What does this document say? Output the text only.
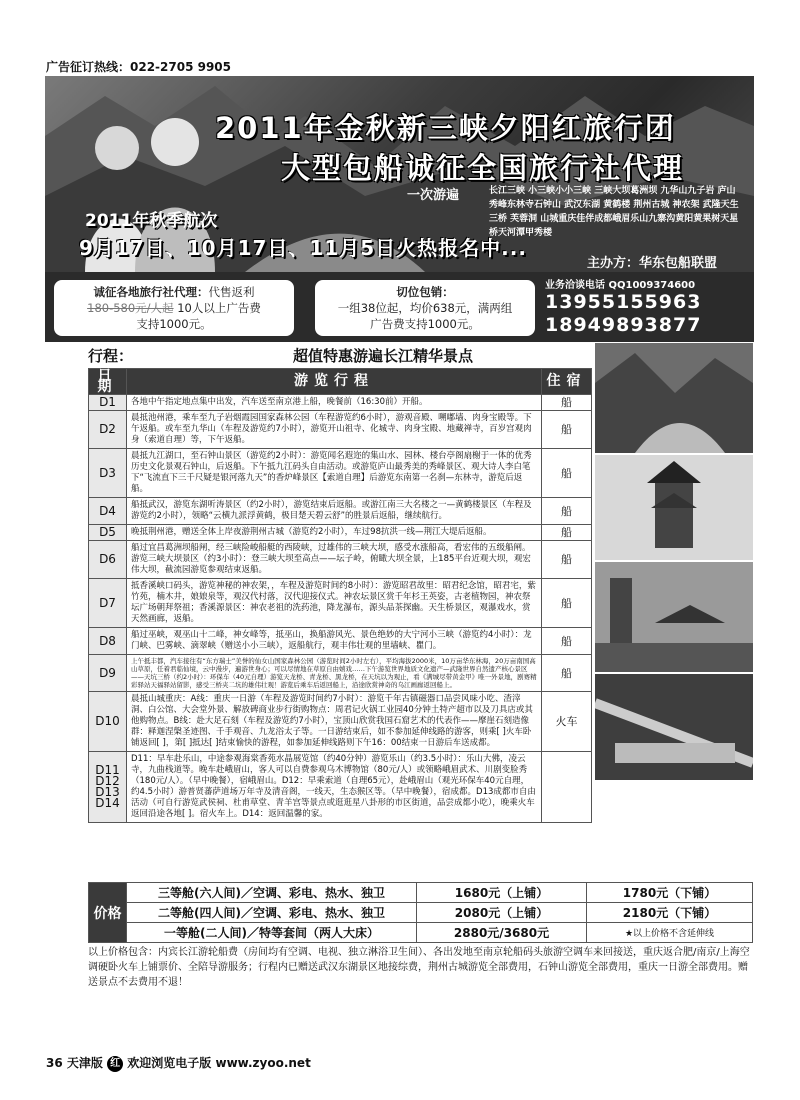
广告征订热线：022-2705 9905
2011年金秋新三峡夕阳红旅行团
大型包船诚征全国旅行社代理
一次游遍	长江三峡 小三峡小小三峡 三峡大坝葛洲坝 九华山九子岩 庐山 秀峰东林寺石钟山 武汉东湖 黄鹤楼 荆州古城 神农架 武隆天生三桥 芙蓉洞 山城重庆佳伴成都峨眉乐山九寨沟黄阳黄果树天星桥天河潭甲秀楼
2011年秋季航次
9月17日、10月17日、11月5日火热报名中...
主办方：华东包船联盟
诚征各地旅行社代理：代售返利
180-580元/人起 10人以上广告费
支持1000元。
切位包销：
一组38位起，均价638元，满两组
广告费支持1000元。
业务洽谈电话 QQ1009374600
13955155963
18949893877
行程：	超值特惠游遍长江精华景点
日期	游览行程	住宿
D1	各地中午指定地点集中出发，汽车送至南京港上船，晚餐前（16:30前）开船。	船
D2	晨抵池州港，乘车至九子岩烟霞园国家森林公园（车程游览约6小时），游观音殿、嗍嘟墙、肉身宝殿等。下午返船。或车至九华山（车程及游览约7小时），游览开山祖寺、化城寺、肉身宝殿、地藏禅寺，百岁宫观肉身（索道自理）等，下午返船。	船
D3	晨抵九江湖口，至石钟山景区（游览约2小时）：游览闻名遐迩的集山水、园林、楼台亭阁扇榭于一体的优秀历史文化景观石钟山，后返船。下午抵九江码头自由活动。或游览庐山最秀美的秀峰景区、观大诗人李白笔下“飞流直下三千尺疑是银河落九天”的香炉峰景区【索道自理】后游览东南第一名刹—东林寺，游览后返船。	船
D4	船抵武汉，游览东湖听涛景区（约2小时），游览结束后返船。或游江南三大名楼之一—黄鹤楼景区（车程及游览约2小时），领略“云横九派浮黄鹤，极目楚天碧云舒”的胜景后返船，继续航行。	船
D5	晚抵荆州港，赠送全体上岸夜游荆州古城（游览约2小时），车过98抗洪一线—荆江大堤后返船。	船
D6	船过宜昌葛洲坝船闸，经三峡险峻船艇的西陵峡，过雄伟的三峡大坝，感受水涨船高，看宏伟的五级船闸。游览三峡大坝景区（约3小时）：登三峡大坝至高点——坛子岭，俯瞰大坝全景，上185平台近观大坝，观宏伟大坝，截流园游览参观结束返船。	船
D7	抵香溪峡口码头，游览神秘的神农架，，车程及游览时间约8小时）：游览昭君故里：昭君纪念馆，昭君宅，紫竹苑，楠木井，娘娘泉等，观汉代村落，汉代迎接仪式。神农坛景区赏千年杉王英姿，古老植物园，神农祭坛广场朝拜祭祖；香溪源景区：神农老祖的洗药池，降龙瀑布，源头品茶探幽。天生桥景区，观瀑戏水，赏天然画廊，返船。	船
D8	船过巫峡，观巫山十二峰，神女峰等，抵巫山，换船游风光、景色绝妙的大宁河小三峡（游览约4小时）：龙门峡、巴雾峡、滴翠峡（赠送小小三峡），返船航行，观丰伟壮观的里墙峡、瞿门。	船
D9	上午抵丰都，汽车接往有“东方瑞士”美誉的仙女山国家森林公园（游览时间2小时左右），平均海拔2000米，10万亩华东林海，20万亩南国高山草原，任着君临仙境，云中漫步，遍游世身心；可以尽情地在草原自由嬉戏……下午游览世界地质文化遗产—武隆世界自然遗产核心景区——天坑三桥（约2小时）：环保车（40元自理）游览天龙桥、青龙桥、黑龙桥，在天坑以为观止，看《满城尽带黄金甲》唯一外景地，剧赛精彩驿站天福驿站留影，感受三桥夹二坑的雄伟壮观！游览后乘车后返回船上，沿途欣赏神奇的乌江画廊返回船上。	船
D10	晨抵山城重庆：A线：重庆一日游（车程及游览时间约7小时）：游览千年古镇磁器口品尝风味小吃、渣滓洞、白公馆、大会堂外景、解放碑商业步行街购物点：周君记火锅工业园40分钟土特产超市以及刀具店或其他购物点。B线：赴大足石刻（车程及游览约7小时），宝顶山欣赏我国石窟艺术的代表作——摩崖石刻造像群：释迦涅槃圣迹图、千手观音、九龙浴太子等。一日游结束后，如不参加延伸线路的游客，则乘[ ]火车卧铺返回[ ]，第[ ]抵达[ ]结束愉快的游程，如参加延伸线路则下午16：00结束一日游后车送成都。	火车
D11 D12 D13 D14	D11：早车赴乐山，中途参观海棠香苑水晶展览馆（约40分钟）游览乐山（约3.5小时）：乐山大佛，凌云寺，九曲栈道等。晚车赴峨眉山，客人可以自费参观乌木博物馆（80元/人）或领略峨眉武术、川剧变脸秀（180元/人）。（早中晚餐），宿峨眉山。D12：早乘索道（自理65元），赴峨眉山（观光环保车40元自理，约4.5小时）游普贤蕃萨道场万年寺及清音阁，一线天，生态猴区等。（早中晚餐），宿成都。D13成都市自由活动（可自行游览武侯祠、杜甫草堂、青羊宫等景点或逛逛星八卦形的市区街道，品尝成都小吃），晚乘火车返回沿途各地[ ]。宿火车上。D14：返回温馨的家。	
价格	三等舱(六人间)／空调、彩电、热水、独卫	1680元（上铺）	1780元（下铺）
	二等舱(四人间)／空调、彩电、热水、独卫	2080元（上铺）	2180元（下铺）
	一等舱(二人间)／特等套间（两人大床）	2880元/3680元	★以上价格不含延伸线
以上价格包含：内宾长江游轮船费（房间均有空调、电视、独立淋浴卫生间）、各出发地至南京轮船码头旅游空调车来回接送，重庆返合肥/南京/上海空调硬卧火车上铺票价、全陪导游服务；行程内已赠送武汉东湖景区地接综费，荆州古城游览全部费用，石钟山游览全部费用，重庆一日游全部费用。赠送景点不去费用不退！
36 天津版 红 欢迎浏览电子版 www.zyoo.net
